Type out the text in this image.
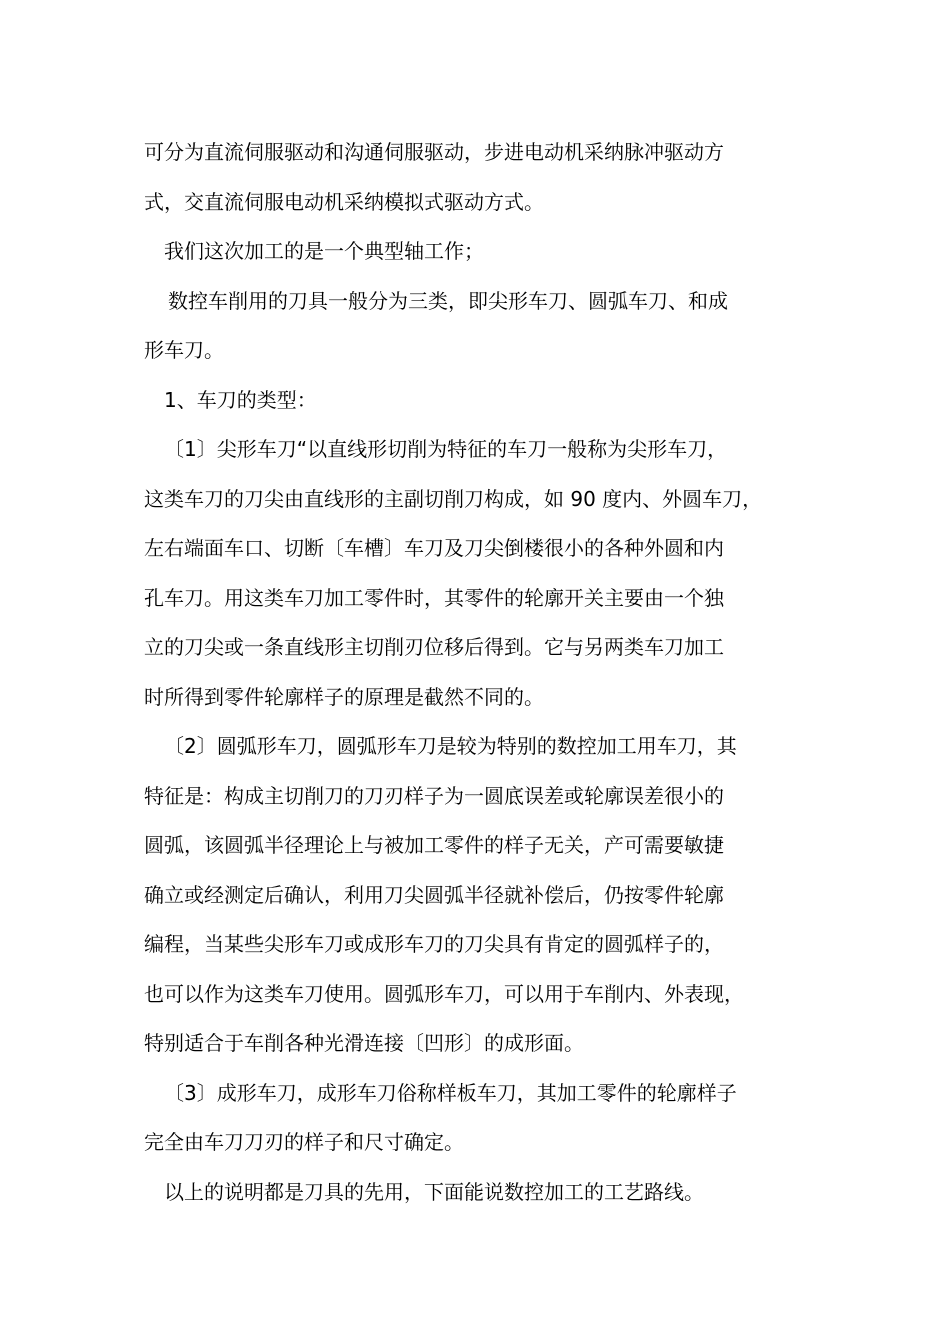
可分为直流伺服驱动和沟通伺服驱动，步进电动机采纳脉冲驱动方
式，交直流伺服电动机采纳模拟式驱动方式。
我们这次加工的是一个典型轴工作；
数控车削用的刀具一般分为三类，即尖形车刀、圆弧车刀、和成
形车刀。
1、车刀的类型：
〔1〕尖形车刀“以直线形切削为特征的车刀一般称为尖形车刀，
这类车刀的刀尖由直线形的主副切削刀构成，如 90 度内、外圆车刀，
左右端面车口、切断〔车槽〕车刀及刀尖倒楼很小的各种外圆和内
孔车刀。用这类车刀加工零件时，其零件的轮廓开关主要由一个独
立的刀尖或一条直线形主切削刃位移后得到。它与另两类车刀加工
时所得到零件轮廓样子的原理是截然不同的。
〔2〕圆弧形车刀，圆弧形车刀是较为特别的数控加工用车刀，其
特征是：构成主切削刀的刀刃样子为一圆底误差或轮廓误差很小的
圆弧，该圆弧半径理论上与被加工零件的样子无关，产可需要敏捷
确立或经测定后确认，利用刀尖圆弧半径就补偿后，仍按零件轮廓
编程，当某些尖形车刀或成形车刀的刀尖具有肯定的圆弧样子的，
也可以作为这类车刀使用。圆弧形车刀，可以用于车削内、外表现，
特别适合于车削各种光滑连接〔凹形〕的成形面。
〔3〕成形车刀，成形车刀俗称样板车刀，其加工零件的轮廓样子
完全由车刀刀刃的样子和尺寸确定。
以上的说明都是刀具的先用，下面能说数控加工的工艺路线。
